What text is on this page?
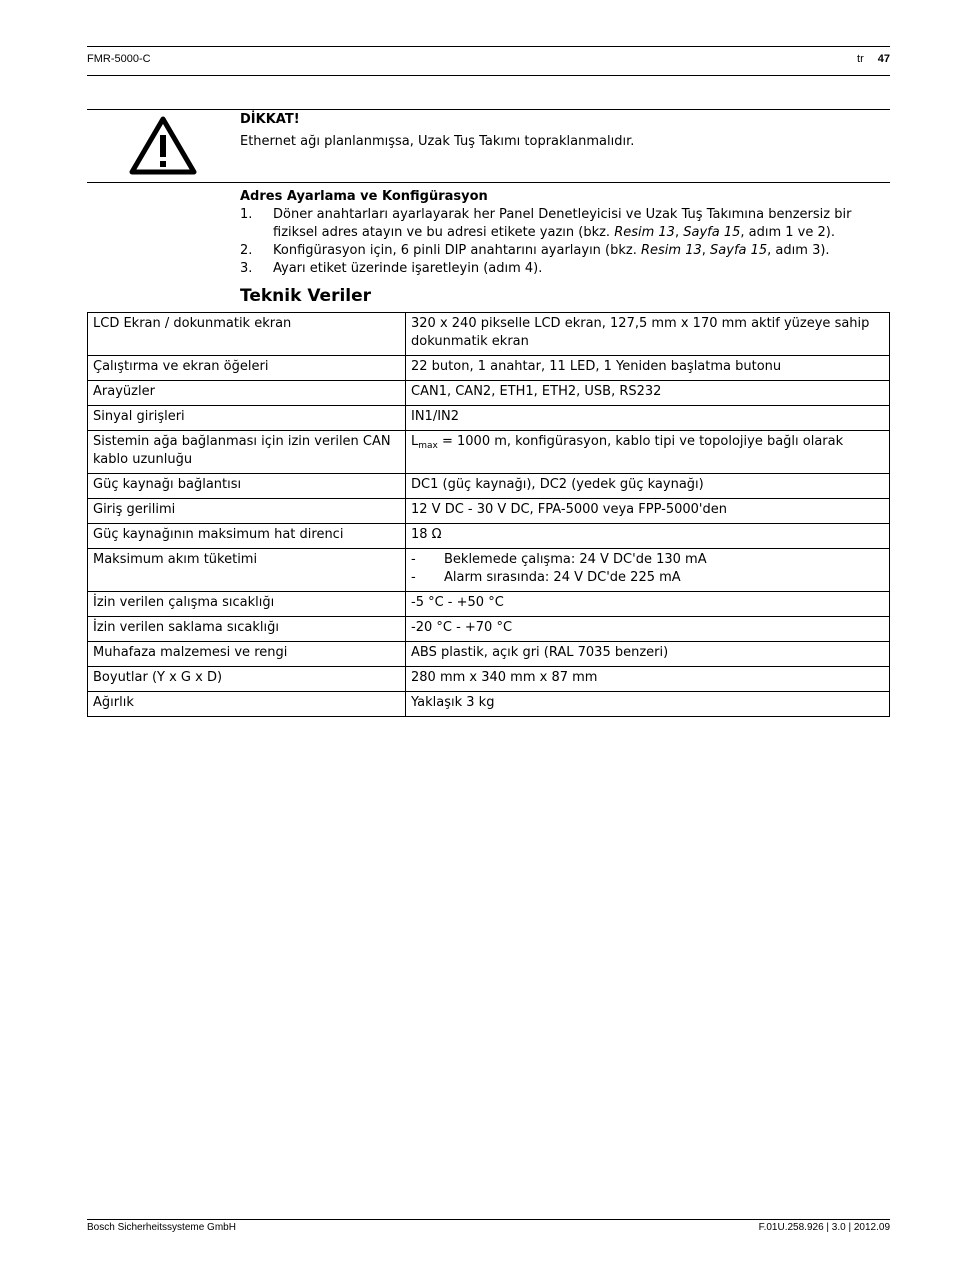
FMR-5000-C	tr 47
DİKKAT!
Ethernet ağı planlanmışsa, Uzak Tuş Takımı topraklanmalıdır.
Adres Ayarlama ve Konfigürasyon
1. Döner anahtarları ayarlayarak her Panel Denetleyicisi ve Uzak Tuş Takımına benzersiz bir fiziksel adres atayın ve bu adresi etikete yazın (bkz. Resim 13, Sayfa 15, adım 1 ve 2).
2. Konfigürasyon için, 6 pinli DIP anahtarını ayarlayın (bkz. Resim 13, Sayfa 15, adım 3).
3. Ayarı etiket üzerinde işaretleyin (adım 4).
Teknik Veriler
LCD Ekran / dokunmatik ekran	320 x 240 pikselle LCD ekran, 127,5 mm x 170 mm aktif yüzeye sahip dokunmatik ekran
Çalıştırma ve ekran öğeleri	22 buton, 1 anahtar, 11 LED, 1 Yeniden başlatma butonu
Arayüzler	CAN1, CAN2, ETH1, ETH2, USB, RS232
Sinyal girişleri	IN1/IN2
Sistemin ağa bağlanması için izin verilen CAN kablo uzunluğu	$L_{max} = 1000$ m, konfigürasyon, kablo tipi ve topolojiye bağlı olarak
Güç kaynağı bağlantısı	DC1 (güç kaynağı), DC2 (yedek güç kaynağı)
Giriş gerilimi	12 V DC - 30 V DC, FPA-5000 veya FPP-5000'den
Güç kaynağının maksimum hat direnci	18 Ω
Maksimum akım tüketimi	- Beklemede çalışma: 24 V DC'de 130 mA
- Alarm sırasında: 24 V DC'de 225 mA

İzin verilen çalışma sıcaklığı	-5 °C - +50 °C
İzin verilen saklama sıcaklığı	-20 °C - +70 °C
Muhafaza malzemesi ve rengi	ABS plastik, açık gri (RAL 7035 benzeri)
Boyutlar (Y x G x D)	280 mm x 340 mm x 87 mm
Ağırlık	Yaklaşık 3 kg
Bosch Sicherheitssysteme GmbH	F.01U.258.926 | 3.0 | 2012.09
